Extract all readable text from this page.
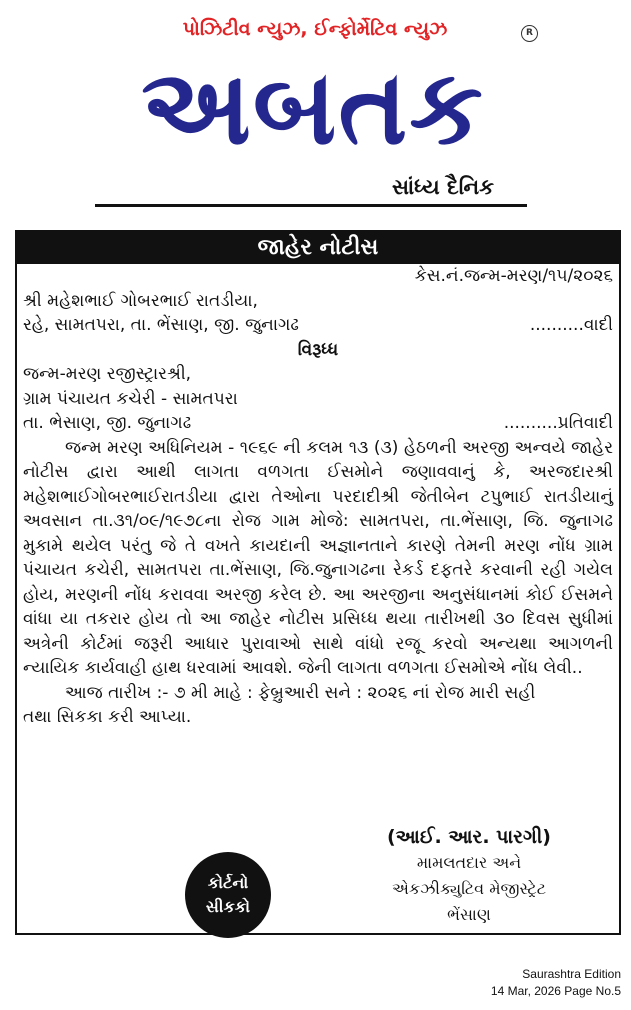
પોઝિટીવ ન્યુઝ, ઈન્ફોર્મેટિવ ન્યુઝ	R
અબતક
સાંધ્ય દૈનિક
જાહેર નોટીસ
કેસ.નં.જન્મ-મરણ/૧૫/૨૦૨૬
શ્રી મહેશભાઈ ગોબરભાઈ રાતડીયા,
રહે, સામતપરા, તા. ભેંસાણ, જી. જુનાગઢ	..........વાદી
વિરૂધ્ધ
જન્મ-મરણ રજીસ્ટ્રારશ્રી,
ગ્રામ પંચાયત કચેરી - સામતપરા
તા. ભેસાણ, જી. જુનાગઢ	..........પ્રતિવાદી

જન્મ મરણ અધિનિયમ - ૧૯૬૯ ની કલમ ૧૩ (૩) હેઠળની અરજી અન્વયે જાહેર નોટીસ દ્વારા આથી લાગતા વળગતા ઈસમોને જણાવવાનું કે, અરજદારશ્રી મહેશભાઈગોબરભાઈરાતડીયા દ્વારા તેઓના પરદાદીશ્રી જેતીબેન ટપુભાઈ રાતડીયાનું અવસાન તા.૩૧/૦૯/૧૯૭૮ના રોજ ગામ મોજે: સામતપરા, તા.ભેંસાણ, જિ. જુનાગઢ મુકામે થયેલ પરંતુ જે તે વખતે કાયદાની અજ્ઞાનતાને કારણે તેમની મરણ નોંધ ગ્રામ પંચાયત કચેરી, સામતપરા તા.ભેંસાણ, જિ.જુનાગઢના રેકર્ડ દફતરે કરવાની રહી ગયેલ હોય, મરણની નોંધ કરાવવા અરજી કરેલ છે. આ અરજીના અનુસંધાનમાં કોઈ ઈસમને વાંધા યા તકરાર હોય તો આ જાહેર નોટીસ પ્રસિધ્ધ થયા તારીખથી ૩૦ દિવસ સુધીમાં અત્રેની કોર્ટમાં જરૂરી આધાર પુરાવાઓ સાથે વાંધો રજૂ કરવો અન્યથા આગળની ન્યાયિક કાર્યવાહી હાથ ધરવામાં આવશે. જેની લાગતા વળગતા ઈસમોએ નોંધ લેવી..

આજ તારીખ :- ૭ મી માહે : ફેબ્રુઆરી સને : ૨૦૨૬ નાં રોજ મારી સહી
તથા સિકકા કરી આપ્યા.
કોર્ટનો
સીકકો
(આઈ. આર. પારગી)
મામલતદાર અને
એકઝીક્યુટિવ મેજીસ્ટ્રેટ
ભેંસાણ
Saurashtra Edition
14 Mar, 2026 Page No.5
